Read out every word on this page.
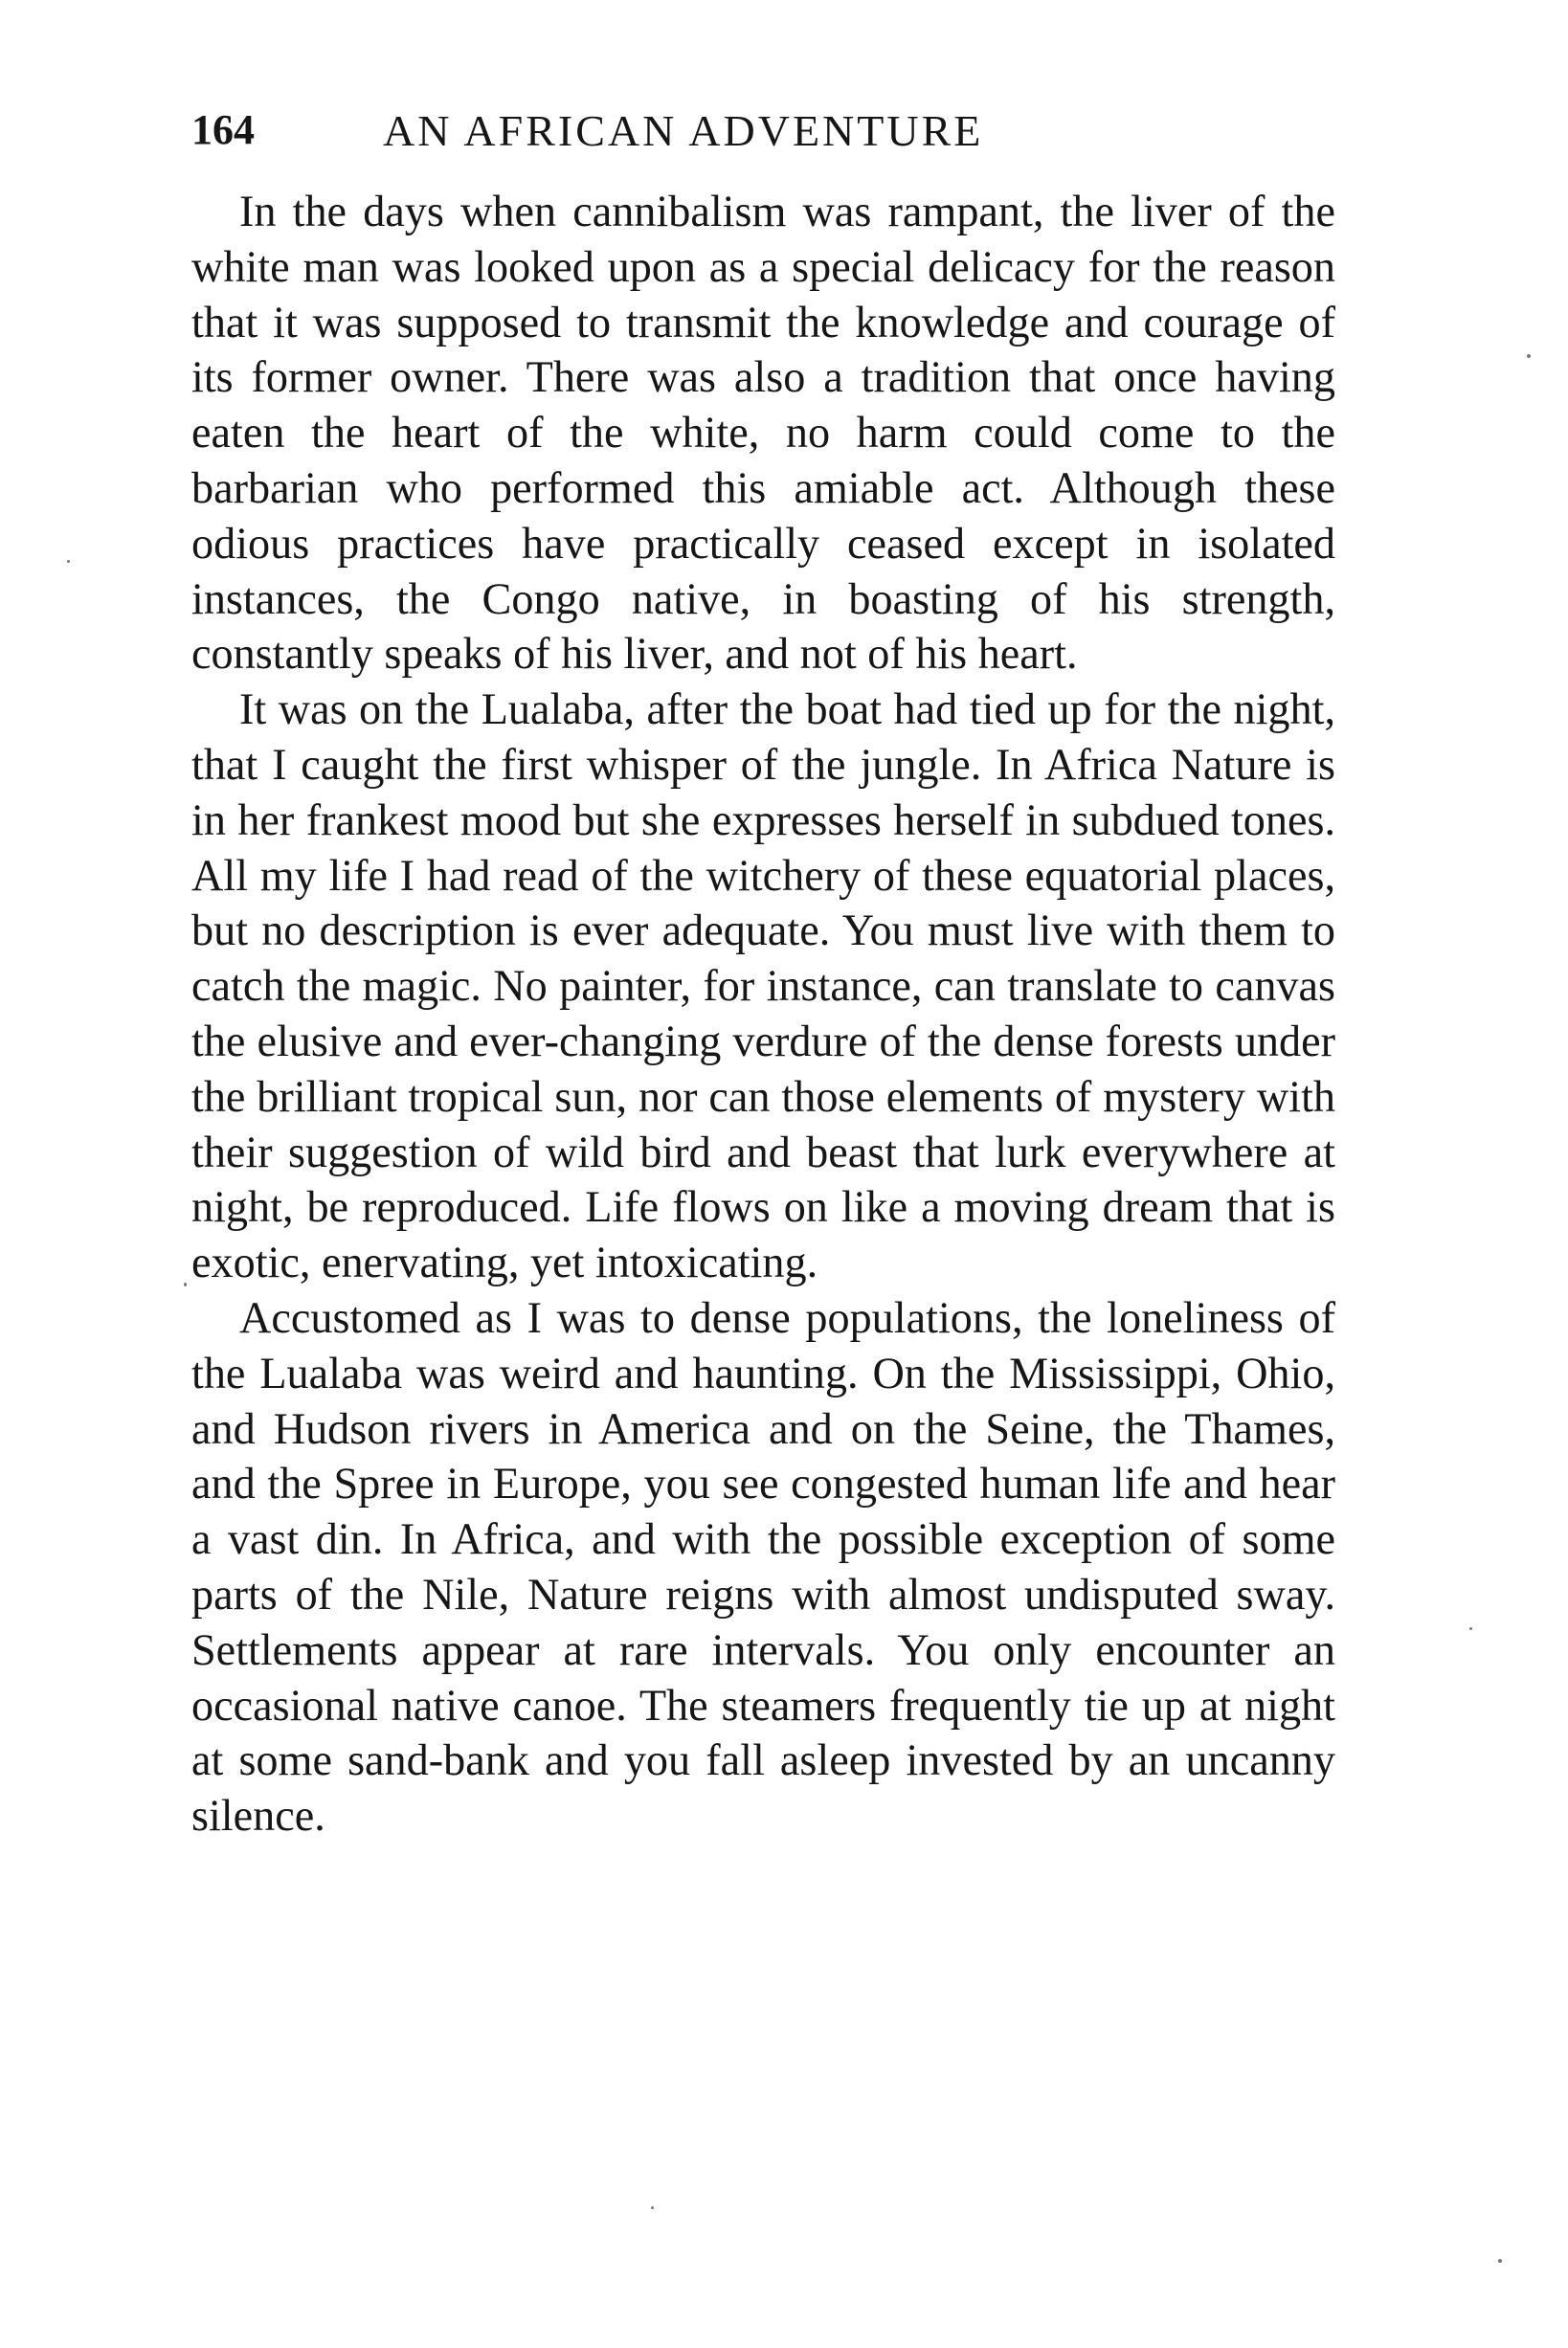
164	AN AFRICAN ADVENTURE

In the days when cannibalism was rampant, the liver of the white man was looked upon as a special delicacy for the reason that it was supposed to transmit the knowledge and courage of its former owner. There was also a tradition that once having eaten the heart of the white, no harm could come to the barbarian who performed this amiable act. Although these odious practices have practically ceased except in isolated instances, the Congo native, in boasting of his strength, constantly speaks of his liver, and not of his heart.

It was on the Lualaba, after the boat had tied up for the night, that I caught the first whisper of the jungle. In Africa Nature is in her frankest mood but she expresses herself in subdued tones. All my life I had read of the witchery of these equatorial places, but no description is ever adequate. You must live with them to catch the magic. No painter, for instance, can translate to canvas the elusive and ever-changing verdure of the dense forests under the brilliant tropical sun, nor can those elements of mystery with their suggestion of wild bird and beast that lurk everywhere at night, be reproduced. Life flows on like a moving dream that is exotic, enervating, yet intoxicating.

Accustomed as I was to dense populations, the loneliness of the Lualaba was weird and haunting. On the Mississippi, Ohio, and Hudson rivers in America and on the Seine, the Thames, and the Spree in Europe, you see congested human life and hear a vast din. In Africa, and with the possible exception of some parts of the Nile, Nature reigns with almost undisputed sway. Settlements appear at rare intervals. You only encounter an occasional native canoe. The steamers frequently tie up at night at some sand-bank and you fall asleep invested by an uncanny silence.
